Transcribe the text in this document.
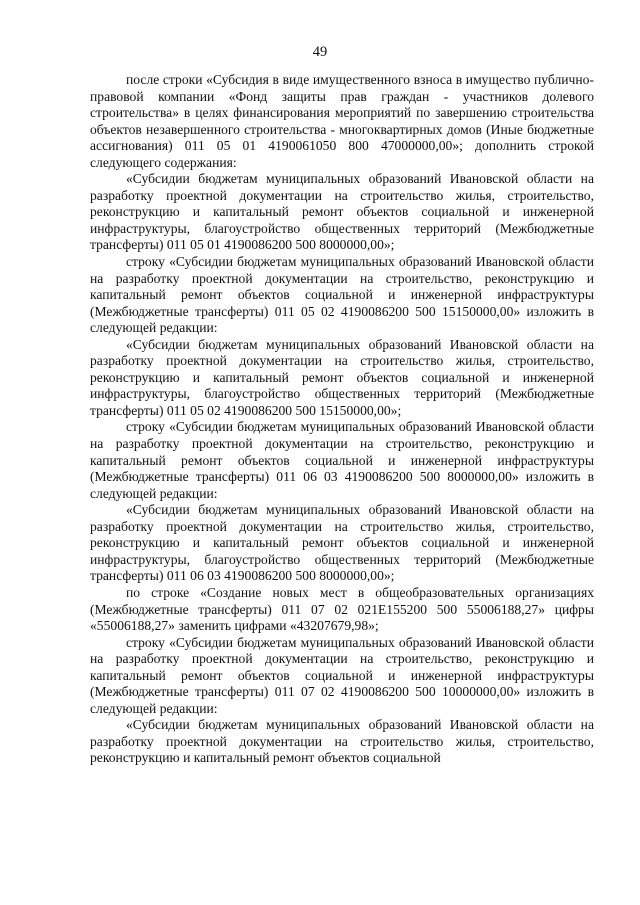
49

после строки «Субсидия в виде имущественного взноса в имущество публично-правовой компании «Фонд защиты прав граждан - участников долевого строительства» в целях финансирования мероприятий по завершению строительства объектов незавершенного строительства - многоквартирных домов (Иные бюджетные ассигнования) 011 05 01 4190061050 800 47000000,00»; дополнить строкой следующего содержания:

«Субсидии бюджетам муниципальных образований Ивановской области на разработку проектной документации на строительство жилья, строительство, реконструкцию и капитальный ремонт объектов социальной и инженерной инфраструктуры, благоустройство общественных территорий (Межбюджетные трансферты) 011 05 01 4190086200 500 8000000,00»;

строку «Субсидии бюджетам муниципальных образований Ивановской области на разработку проектной документации на строительство, реконструкцию и капитальный ремонт объектов социальной и инженерной инфраструктуры (Межбюджетные трансферты) 011 05 02 4190086200 500 15150000,00» изложить в следующей редакции:

«Субсидии бюджетам муниципальных образований Ивановской области на разработку проектной документации на строительство жилья, строительство, реконструкцию и капитальный ремонт объектов социальной и инженерной инфраструктуры, благоустройство общественных территорий (Межбюджетные трансферты) 011 05 02 4190086200 500 15150000,00»;

строку «Субсидии бюджетам муниципальных образований Ивановской области на разработку проектной документации на строительство, реконструкцию и капитальный ремонт объектов социальной и инженерной инфраструктуры (Межбюджетные трансферты) 011 06 03 4190086200 500 8000000,00» изложить в следующей редакции:

«Субсидии бюджетам муниципальных образований Ивановской области на разработку проектной документации на строительство жилья, строительство, реконструкцию и капитальный ремонт объектов социальной и инженерной инфраструктуры, благоустройство общественных территорий (Межбюджетные трансферты) 011 06 03 4190086200 500 8000000,00»;

по строке «Создание новых мест в общеобразовательных организациях (Межбюджетные трансферты) 011 07 02 021Е155200 500 55006188,27» цифры «55006188,27» заменить цифрами «43207679,98»;

строку «Субсидии бюджетам муниципальных образований Ивановской области на разработку проектной документации на строительство, реконструкцию и капитальный ремонт объектов социальной и инженерной инфраструктуры (Межбюджетные трансферты) 011 07 02 4190086200 500 10000000,00» изложить в следующей редакции:

«Субсидии бюджетам муниципальных образований Ивановской области на разработку проектной документации на строительство жилья, строительство, реконструкцию и капитальный ремонт объектов социальной
